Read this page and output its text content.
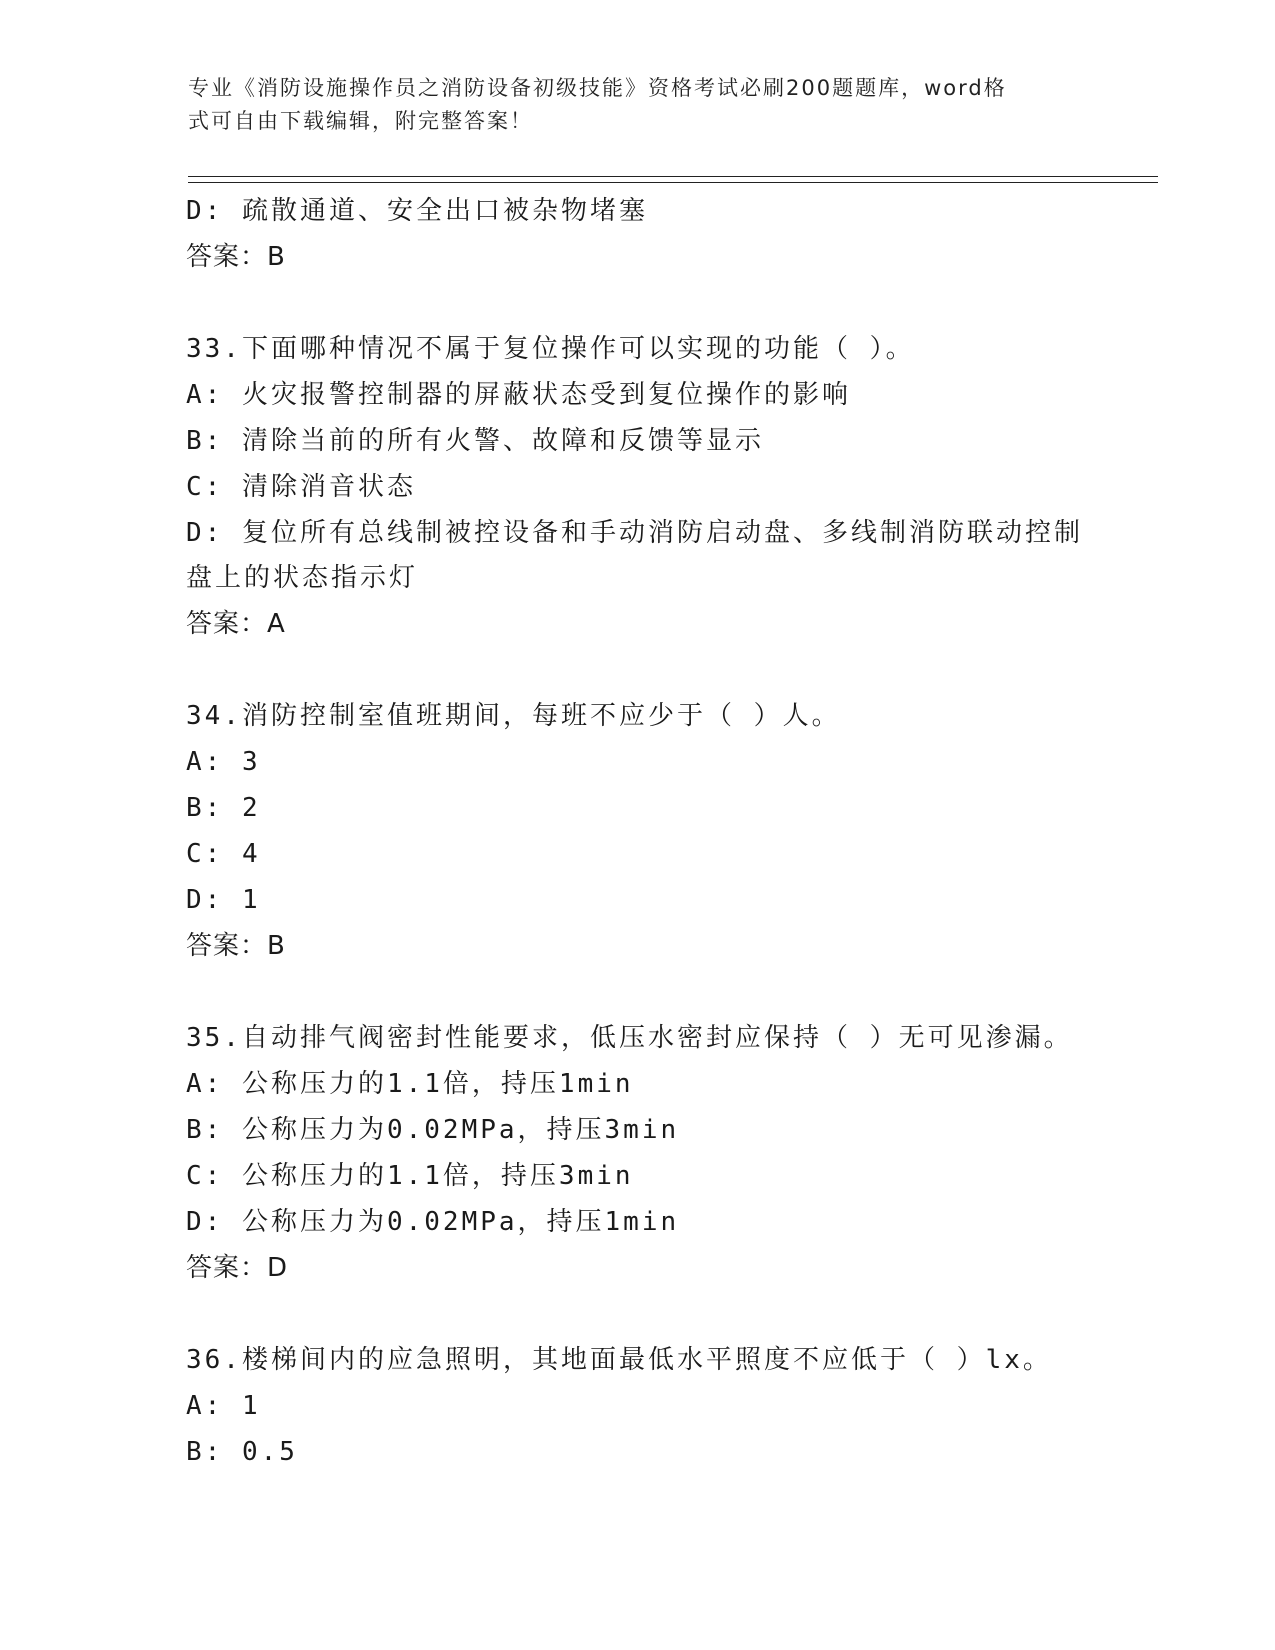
专业《消防设施操作员之消防设备初级技能》资格考试必刷200题题库，word格
式可自由下载编辑，附完整答案！
D: 疏散通道、安全出口被杂物堵塞
答案：B
33.下面哪种情况不属于复位操作可以实现的功能（ ）。
A: 火灾报警控制器的屏蔽状态受到复位操作的影响
B: 清除当前的所有火警、故障和反馈等显示
C: 清除消音状态
D: 复位所有总线制被控设备和手动消防启动盘、多线制消防联动控制
盘上的状态指示灯
答案：A
34.消防控制室值班期间，每班不应少于（ ）人。
A: 3
B: 2
C: 4
D: 1
答案：B
35.自动排气阀密封性能要求，低压水密封应保持（ ）无可见渗漏。
A: 公称压力的1.1倍，持压1min
B: 公称压力为0.02MPa，持压3min
C: 公称压力的1.1倍，持压3min
D: 公称压力为0.02MPa，持压1min
答案：D
36.楼梯间内的应急照明，其地面最低水平照度不应低于（ ）lx。
A: 1
B: 0.5
